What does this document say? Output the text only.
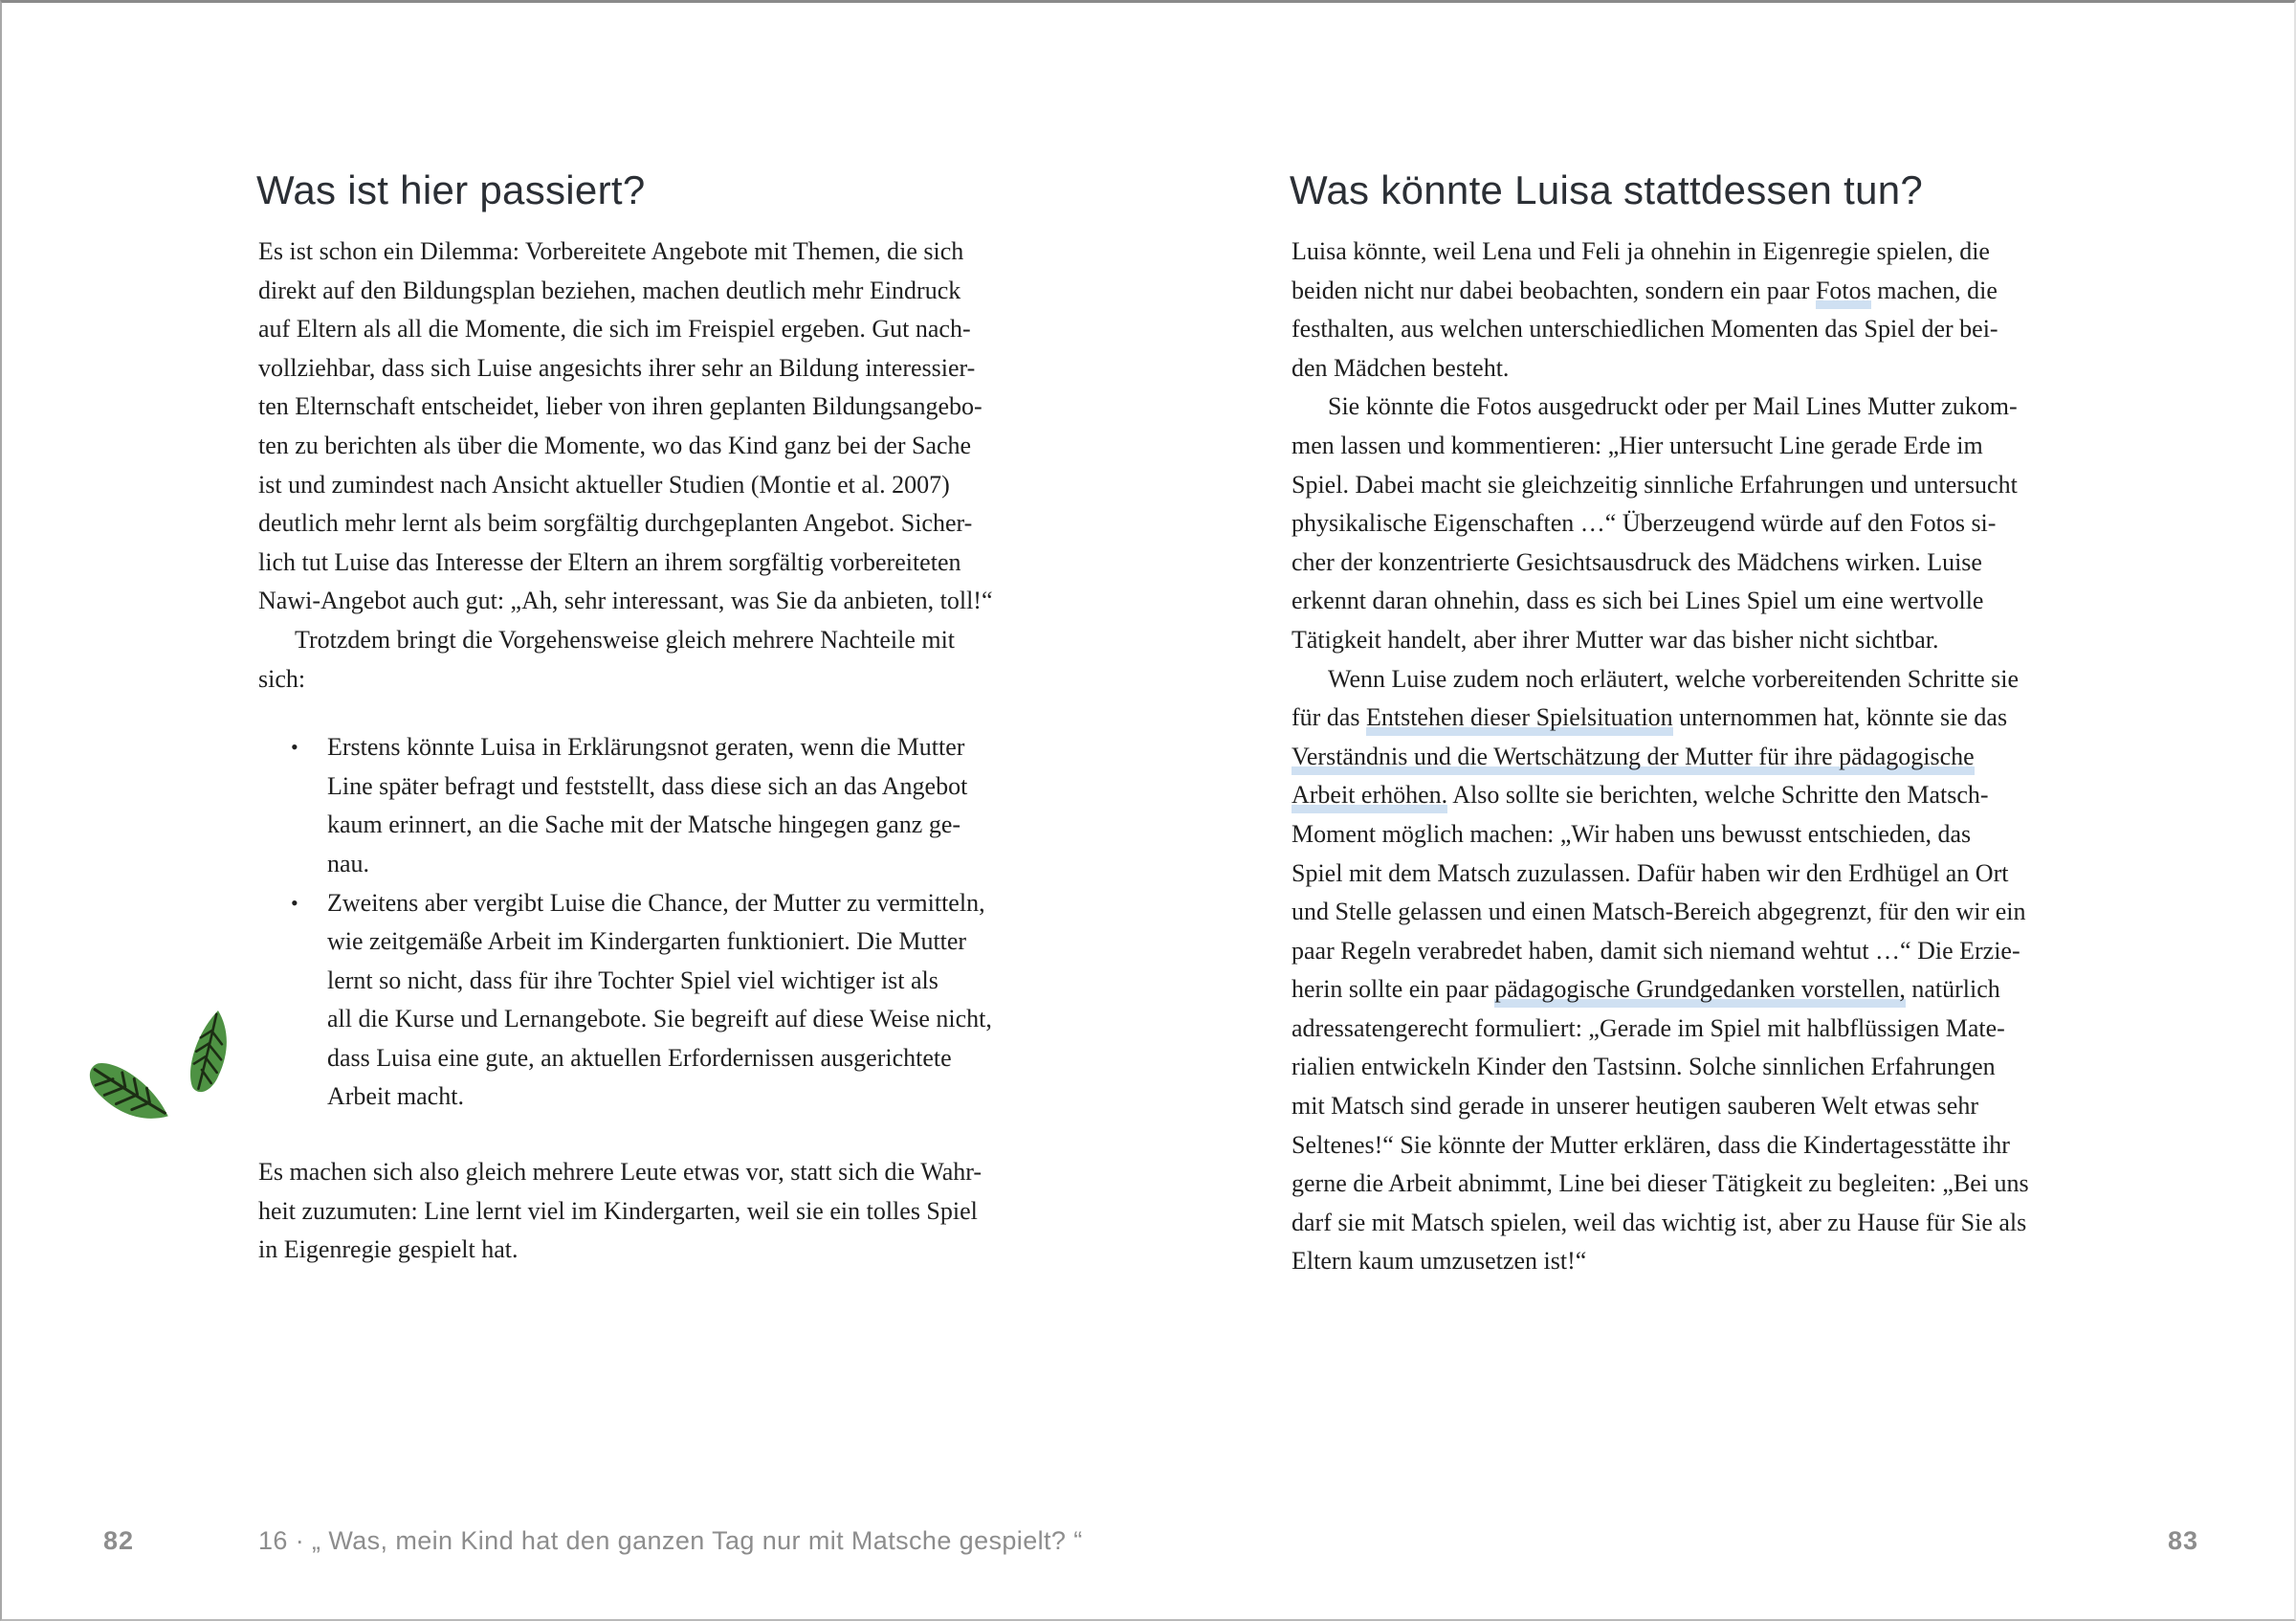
Was ist hier passiert?	Was könnte Luisa stattdessen tun?
Es ist schon ein Dilemma: Vorbereitete Angebote mit Themen, die sich
direkt auf den Bildungsplan beziehen, machen deutlich mehr Eindruck
auf Eltern als all die Momente, die sich im Freispiel ergeben. Gut nach-
vollziehbar, dass sich Luise angesichts ihrer sehr an Bildung interessier-
ten Elternschaft entscheidet, lieber von ihren geplanten Bildungsangebo-
ten zu berichten als über die Momente, wo das Kind ganz bei der Sache
ist und zumindest nach Ansicht aktueller Studien (Montie et al. 2007)
deutlich mehr lernt als beim sorgfältig durchgeplanten Angebot. Sicher-
lich tut Luise das Interesse der Eltern an ihrem sorgfältig vorbereiteten
Nawi-Angebot auch gut: „Ah, sehr interessant, was Sie da anbieten, toll!“
Trotzdem bringt die Vorgehensweise gleich mehrere Nachteile mit
sich:
•	Erstens könnte Luisa in Erklärungsnot geraten, wenn die Mutter
Line später befragt und feststellt, dass diese sich an das Angebot
kaum erinnert, an die Sache mit der Matsche hingegen ganz ge-
nau.
•	Zweitens aber vergibt Luise die Chance, der Mutter zu vermitteln,
wie zeitgemäße Arbeit im Kindergarten funktioniert. Die Mutter
lernt so nicht, dass für ihre Tochter Spiel viel wichtiger ist als
all die Kurse und Lernangebote. Sie begreift auf diese Weise nicht,
dass Luisa eine gute, an aktuellen Erfordernissen ausgerichtete
Arbeit macht.
Es machen sich also gleich mehrere Leute etwas vor, statt sich die Wahr-
heit zuzumuten: Line lernt viel im Kindergarten, weil sie ein tolles Spiel
in Eigenregie gespielt hat.
Luisa könnte, weil Lena und Feli ja ohnehin in Eigenregie spielen, die
beiden nicht nur dabei beobachten, sondern ein paar Fotos machen, die
festhalten, aus welchen unterschiedlichen Momenten das Spiel der bei-
den Mädchen besteht.
Sie könnte die Fotos ausgedruckt oder per Mail Lines Mutter zukom-
men lassen und kommentieren: „Hier untersucht Line gerade Erde im
Spiel. Dabei macht sie gleichzeitig sinnliche Erfahrungen und untersucht
physikalische Eigenschaften …“ Überzeugend würde auf den Fotos si-
cher der konzentrierte Gesichtsausdruck des Mädchens wirken. Luise
erkennt daran ohnehin, dass es sich bei Lines Spiel um eine wertvolle
Tätigkeit handelt, aber ihrer Mutter war das bisher nicht sichtbar.
Wenn Luise zudem noch erläutert, welche vorbereitenden Schritte sie
für das Entstehen dieser Spielsituation unternommen hat, könnte sie das
Verständnis und die Wertschätzung der Mutter für ihre pädagogische
Arbeit erhöhen. Also sollte sie berichten, welche Schritte den Matsch-
Moment möglich machen: „Wir haben uns bewusst entschieden, das
Spiel mit dem Matsch zuzulassen. Dafür haben wir den Erdhügel an Ort
und Stelle gelassen und einen Matsch-Bereich abgegrenzt, für den wir ein
paar Regeln verabredet haben, damit sich niemand wehtut …“ Die Erzie-
herin sollte ein paar pädagogische Grundgedanken vorstellen, natürlich
adressatengerecht formuliert: „Gerade im Spiel mit halbflüssigen Mate-
rialien entwickeln Kinder den Tastsinn. Solche sinnlichen Erfahrungen
mit Matsch sind gerade in unserer heutigen sauberen Welt etwas sehr
Seltenes!“ Sie könnte der Mutter erklären, dass die Kindertagesstätte ihr
gerne die Arbeit abnimmt, Line bei dieser Tätigkeit zu begleiten: „Bei uns
darf sie mit Matsch spielen, weil das wichtig ist, aber zu Hause für Sie als
Eltern kaum umzusetzen ist!“
82	16 · „ Was, mein Kind hat den ganzen Tag nur mit Matsche gespielt? “	83
